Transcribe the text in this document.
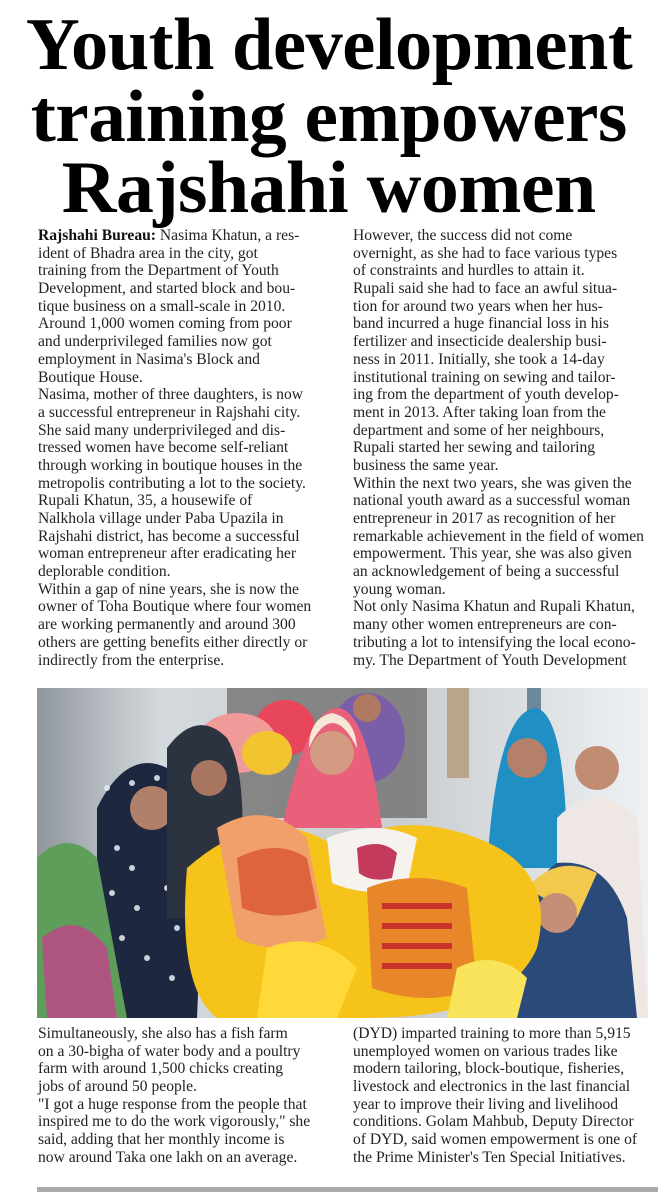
Youth development
training empowers
Rajshahi women
Rajshahi Bureau: Nasima Khatun, a res-
ident of Bhadra area in the city, got
training from the Department of Youth
Development, and started block and bou-
tique business on a small-scale in 2010.
Around 1,000 women coming from poor
and underprivileged families now got
employment in Nasima's Block and
Boutique House.
Nasima, mother of three daughters, is now
a successful entrepreneur in Rajshahi city.
She said many underprivileged and dis-
tressed women have become self-reliant
through working in boutique houses in the
metropolis contributing a lot to the society.
Rupali Khatun, 35, a housewife of
Nalkhola village under Paba Upazila in
Rajshahi district, has become a successful
woman entrepreneur after eradicating her
deplorable condition.
Within a gap of nine years, she is now the
owner of Toha Boutique where four women
are working permanently and around 300
others are getting benefits either directly or
indirectly from the enterprise.
However, the success did not come
overnight, as she had to face various types
of constraints and hurdles to attain it.
Rupali said she had to face an awful situa-
tion for around two years when her hus-
band incurred a huge financial loss in his
fertilizer and insecticide dealership busi-
ness in 2011. Initially, she took a 14-day
institutional training on sewing and tailor-
ing from the department of youth develop-
ment in 2013. After taking loan from the
department and some of her neighbours,
Rupali started her sewing and tailoring
business the same year.
Within the next two years, she was given the
national youth award as a successful woman
entrepreneur in 2017 as recognition of her
remarkable achievement in the field of women
empowerment. This year, she was also given
an acknowledgement of being a successful
young woman.
Not only Nasima Khatun and Rupali Khatun,
many other women entrepreneurs are con-
tributing a lot to intensifying the local econo-
my. The Department of Youth Development
Simultaneously, she also has a fish farm
on a 30-bigha of water body and a poultry
farm with around 1,500 chicks creating
jobs of around 50 people.
"I got a huge response from the people that
inspired me to do the work vigorously," she
said, adding that her monthly income is
now around Taka one lakh on an average.
(DYD) imparted training to more than 5,915
unemployed women on various trades like
modern tailoring, block-boutique, fisheries,
livestock and electronics in the last financial
year to improve their living and livelihood
conditions. Golam Mahbub, Deputy Director
of DYD, said women empowerment is one of
the Prime Minister's Ten Special Initiatives.
